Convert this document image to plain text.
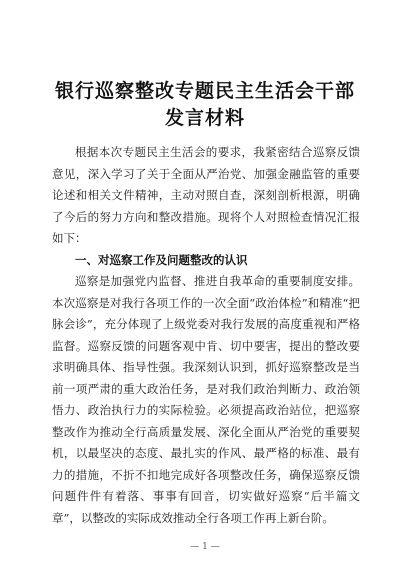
银行巡察整改专题民主生活会干部发言材料

根据本次专题民主生活会的要求，我紧密结合巡察反馈意见，深入学习了关于全面从严治党、加强金融监管的重要论述和相关文件精神，主动对照自查，深刻剖析根源，明确了今后的努力方向和整改措施。现将个人对照检查情况汇报如下：

一、对巡察工作及问题整改的认识

巡察是加强党内监督、推进自我革命的重要制度安排。本次巡察是对我行各项工作的一次全面“政治体检”和精准“把脉会诊”，充分体现了上级党委对我行发展的高度重视和严格监督。巡察反馈的问题客观中肯、切中要害，提出的整改要求明确具体、指导性强。我深刻认识到，抓好巡察整改是当前一项严肃的重大政治任务，是对我们政治判断力、政治领悟力、政治执行力的实际检验。必须提高政治站位，把巡察整改作为推动全行高质量发展、深化全面从严治党的重要契机，以最坚决的态度、最扎实的作风、最严格的标准、最有力的措施，不折不扣地完成好各项整改任务，确保巡察反馈问题件件有着落、事事有回音，切实做好巡察“后半篇文章”，以整改的实际成效推动全行各项工作再上新台阶。

— 1 —
